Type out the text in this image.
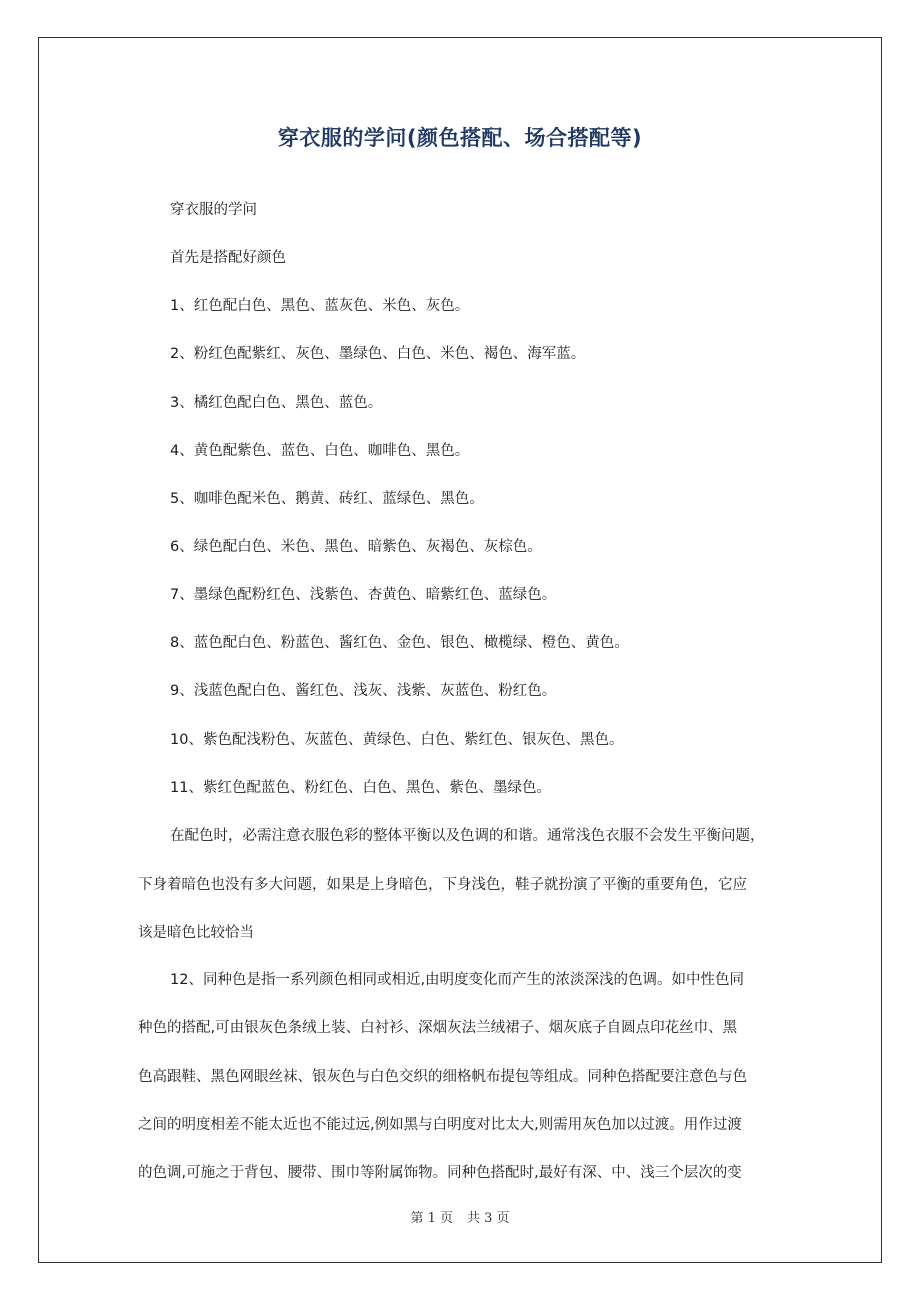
穿衣服的学问(颜色搭配、场合搭配等)
穿衣服的学问
首先是搭配好颜色
1、红色配白色、黑色、蓝灰色、米色、灰色。
2、粉红色配紫红、灰色、墨绿色、白色、米色、褐色、海军蓝。
3、橘红色配白色、黑色、蓝色。
4、黄色配紫色、蓝色、白色、咖啡色、黑色。
5、咖啡色配米色、鹅黄、砖红、蓝绿色、黑色。
6、绿色配白色、米色、黑色、暗紫色、灰褐色、灰棕色。
7、墨绿色配粉红色、浅紫色、杏黄色、暗紫红色、蓝绿色。
8、蓝色配白色、粉蓝色、酱红色、金色、银色、橄榄绿、橙色、黄色。
9、浅蓝色配白色、酱红色、浅灰、浅紫、灰蓝色、粉红色。
10、紫色配浅粉色、灰蓝色、黄绿色、白色、紫红色、银灰色、黑色。
11、紫红色配蓝色、粉红色、白色、黑色、紫色、墨绿色。
在配色时，必需注意衣服色彩的整体平衡以及色调的和谐。通常浅色衣服不会发生平衡问题，
下身着暗色也没有多大问题，如果是上身暗色，下身浅色，鞋子就扮演了平衡的重要角色，它应
该是暗色比较恰当
12、同种色是指一系列颜色相同或相近,由明度变化而产生的浓淡深浅的色调。如中性色同
种色的搭配,可由银灰色条绒上装、白衬衫、深烟灰法兰绒裙子、烟灰底子自圆点印花丝巾、黑
色高跟鞋、黑色网眼丝袜、银灰色与白色交织的细格帆布提包等组成。同种色搭配要注意色与色
之间的明度相差不能太近也不能过远,例如黑与白明度对比太大,则需用灰色加以过渡。用作过渡
的色调,可施之于背包、腰带、围巾等附属饰物。同种色搭配时,最好有深、中、浅三个层次的变
第 1 页 共 3 页
